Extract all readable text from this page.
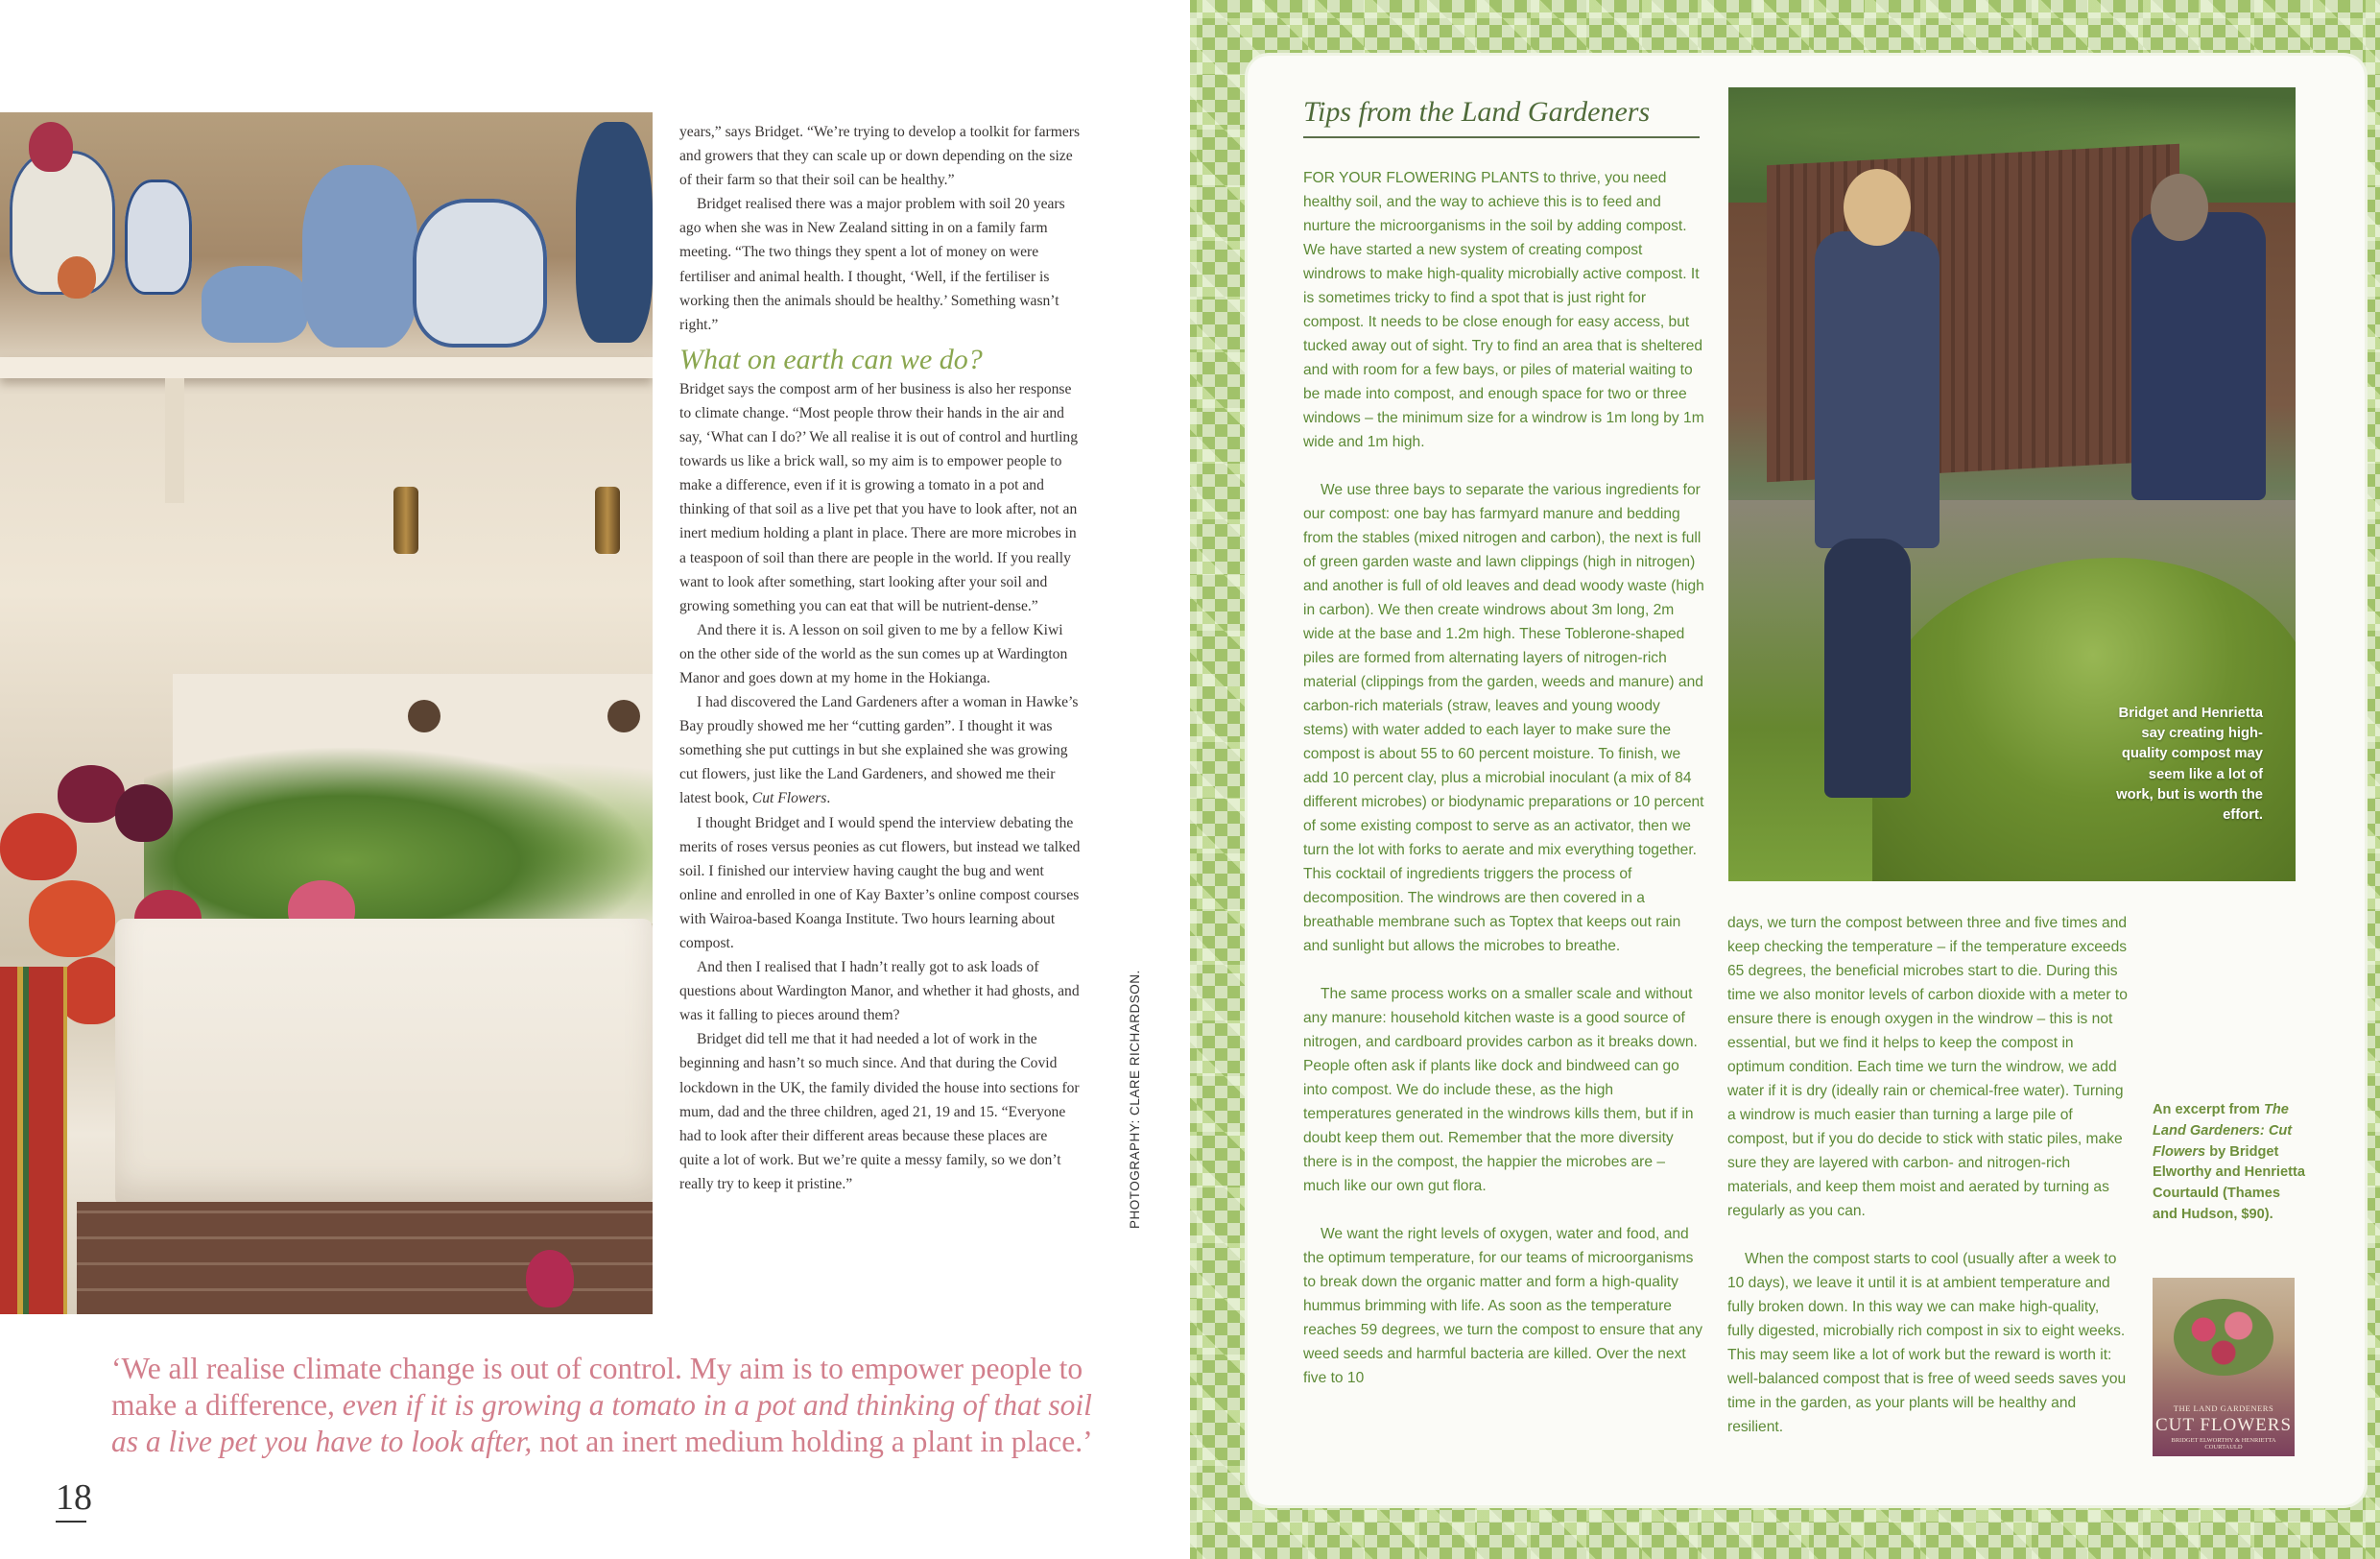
years,” says Bridget. “We’re trying to develop a toolkit for farmers and growers that they can scale up or down depending on the size of their farm so that their soil can be healthy.”

Bridget realised there was a major problem with soil 20 years ago when she was in New Zealand sitting in on a family farm meeting. “The two things they spent a lot of money on were fertiliser and animal health. I thought, ‘Well, if the fertiliser is working then the animals should be healthy.’ Something wasn’t right.”

What on earth can we do?

Bridget says the compost arm of her business is also her response to climate change. “Most people throw their hands in the air and say, ‘What can I do?’ We all realise it is out of control and hurtling towards us like a brick wall, so my aim is to empower people to make a difference, even if it is growing a tomato in a pot and thinking of that soil as a live pet that you have to look after, not an inert medium holding a plant in place. There are more microbes in a teaspoon of soil than there are people in the world. If you really want to look after something, start looking after your soil and growing something you can eat that will be nutrient-dense.”

And there it is. A lesson on soil given to me by a fellow Kiwi on the other side of the world as the sun comes up at Wardington Manor and goes down at my home in the Hokianga.

I had discovered the Land Gardeners after a woman in Hawke’s Bay proudly showed me her “cutting garden”. I thought it was something she put cuttings in but she explained she was growing cut flowers, just like the Land Gardeners, and showed me their latest book, Cut Flowers.

I thought Bridget and I would spend the interview debating the merits of roses versus peonies as cut flowers, but instead we talked soil. I finished our interview having caught the bug and went online and enrolled in one of Kay Baxter’s online compost courses with Wairoa-based Koanga Institute. Two hours learning about compost.

And then I realised that I hadn’t really got to ask loads of questions about Wardington Manor, and whether it had ghosts, and was it falling to pieces around them?

Bridget did tell me that it had needed a lot of work in the beginning and hasn’t so much since. And that during the Covid lockdown in the UK, the family divided the house into sections for mum, dad and the three children, aged 21, 19 and 15. “Everyone had to look after their different areas because these places are quite a lot of work. But we’re quite a messy family, so we don’t really try to keep it pristine.”

‘We all realise climate change is out of control. My aim is to empower people to make a difference, even if it is growing a tomato in a pot and thinking of that soil as a live pet you have to look after, not an inert medium holding a plant in place.’
PHOTOGRAPHY: CLARE RICHARDSON.
18
Tips from the Land Gardeners

FOR YOUR FLOWERING PLANTS to thrive, you need healthy soil, and the way to achieve this is to feed and nurture the microorganisms in the soil by adding compost. We have started a new system of creating compost windrows to make high-quality microbially active compost. It is sometimes tricky to find a spot that is just right for compost. It needs to be close enough for easy access, but tucked away out of sight. Try to find an area that is sheltered and with room for a few bays, or piles of material waiting to be made into compost, and enough space for two or three windows – the minimum size for a windrow is 1m long by 1m wide and 1m high.

We use three bays to separate the various ingredients for our compost: one bay has farmyard manure and bedding from the stables (mixed nitrogen and carbon), the next is full of green garden waste and lawn clippings (high in nitrogen) and another is full of old leaves and dead woody waste (high in carbon). We then create windrows about 3m long, 2m wide at the base and 1.2m high. These Toblerone-shaped piles are formed from alternating layers of nitrogen-rich material (clippings from the garden, weeds and manure) and carbon-rich materials (straw, leaves and young woody stems) with water added to each layer to make sure the compost is about 55 to 60 percent moisture. To finish, we add 10 percent clay, plus a microbial inoculant (a mix of 84 different microbes) or biodynamic preparations or 10 percent of some existing compost to serve as an activator, then we turn the lot with forks to aerate and mix everything together. This cocktail of ingredients triggers the process of decomposition. The windrows are then covered in a breathable membrane such as Toptex that keeps out rain and sunlight but allows the microbes to breathe.

The same process works on a smaller scale and without any manure: household kitchen waste is a good source of nitrogen, and cardboard provides carbon as it breaks down. People often ask if plants like dock and bindweed can go into compost. We do include these, as the high temperatures generated in the windrows kills them, but if in doubt keep them out. Remember that the more diversity there is in the compost, the happier the microbes are – much like our own gut flora.

We want the right levels of oxygen, water and food, and the optimum temperature, for our teams of microorganisms to break down the organic matter and form a high-quality hummus brimming with life. As soon as the temperature reaches 59 degrees, we turn the compost to ensure that any weed seeds and harmful bacteria are killed. Over the next five to 10

Bridget and Henrietta say creating high-quality compost may seem like a lot of work, but is worth the effort.

days, we turn the compost between three and five times and keep checking the temperature – if the temperature exceeds 65 degrees, the beneficial microbes start to die. During this time we also monitor levels of carbon dioxide with a meter to ensure there is enough oxygen in the windrow – this is not essential, but we find it helps to keep the compost in optimum condition. Each time we turn the windrow, we add water if it is dry (ideally rain or chemical-free water). Turning a windrow is much easier than turning a large pile of compost, but if you do decide to stick with static piles, make sure they are layered with carbon- and nitrogen-rich materials, and keep them moist and aerated by turning as regularly as you can.

When the compost starts to cool (usually after a week to 10 days), we leave it until it is at ambient temperature and fully broken down. In this way we can make high-quality, fully digested, microbially rich compost in six to eight weeks. This may seem like a lot of work but the reward is worth it: well-balanced compost that is free of weed seeds saves you time in the garden, as your plants will be healthy and resilient.

An excerpt from The Land Gardeners: Cut Flowers by Bridget Elworthy and Henrietta Courtauld (Thames and Hudson, $90).
THE LAND GARDENERS
CUT FLOWERS
BRIDGET ELWORTHY & HENRIETTA COURTAULD
